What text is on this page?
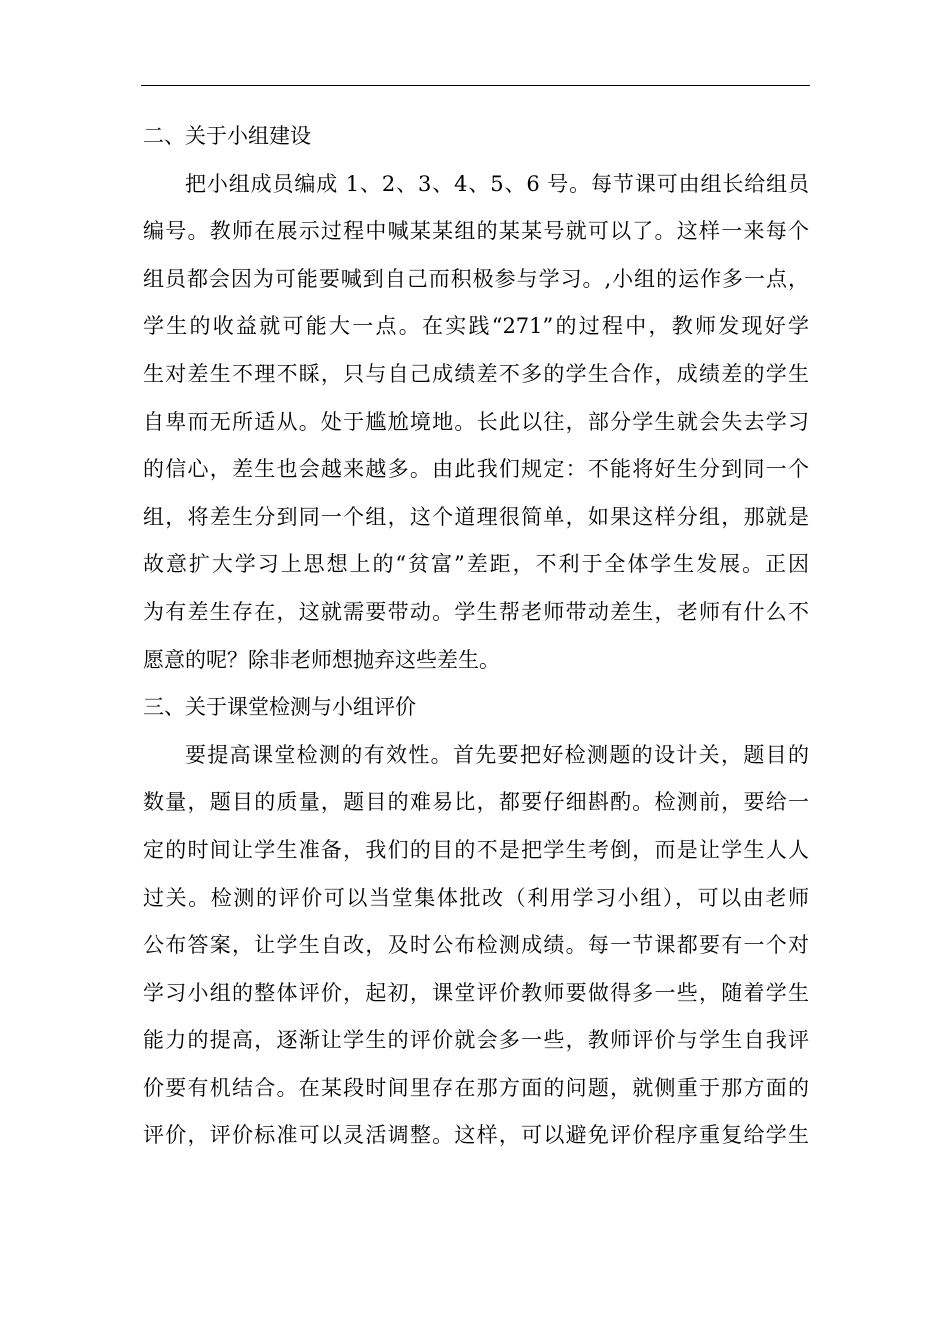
二、关于小组建设

把小组成员编成 1、2、3、4、5、6 号。每节课可由组长给组员
编号。教师在展示过程中喊某某组的某某号就可以了。这样一来每个
组员都会因为可能要喊到自己而积极参与学习。,小组的运作多一点，
学生的收益就可能大一点。在实践“271”的过程中，教师发现好学
生对差生不理不睬，只与自己成绩差不多的学生合作，成绩差的学生
自卑而无所适从。处于尴尬境地。长此以往，部分学生就会失去学习
的信心，差生也会越来越多。由此我们规定：不能将好生分到同一个
组，将差生分到同一个组，这个道理很简单，如果这样分组，那就是
故意扩大学习上思想上的“贫富”差距，不利于全体学生发展。正因
为有差生存在，这就需要带动。学生帮老师带动差生，老师有什么不
愿意的呢？除非老师想抛弃这些差生。

三、关于课堂检测与小组评价

要提高课堂检测的有效性。首先要把好检测题的设计关，题目的
数量，题目的质量，题目的难易比，都要仔细斟酌。检测前，要给一
定的时间让学生准备，我们的目的不是把学生考倒，而是让学生人人
过关。检测的评价可以当堂集体批改（利用学习小组），可以由老师
公布答案，让学生自改，及时公布检测成绩。每一节课都要有一个对
学习小组的整体评价，起初，课堂评价教师要做得多一些，随着学生
能力的提高，逐渐让学生的评价就会多一些，教师评价与学生自我评
价要有机结合。在某段时间里存在那方面的问题，就侧重于那方面的
评价，评价标准可以灵活调整。这样，可以避免评价程序重复给学生
